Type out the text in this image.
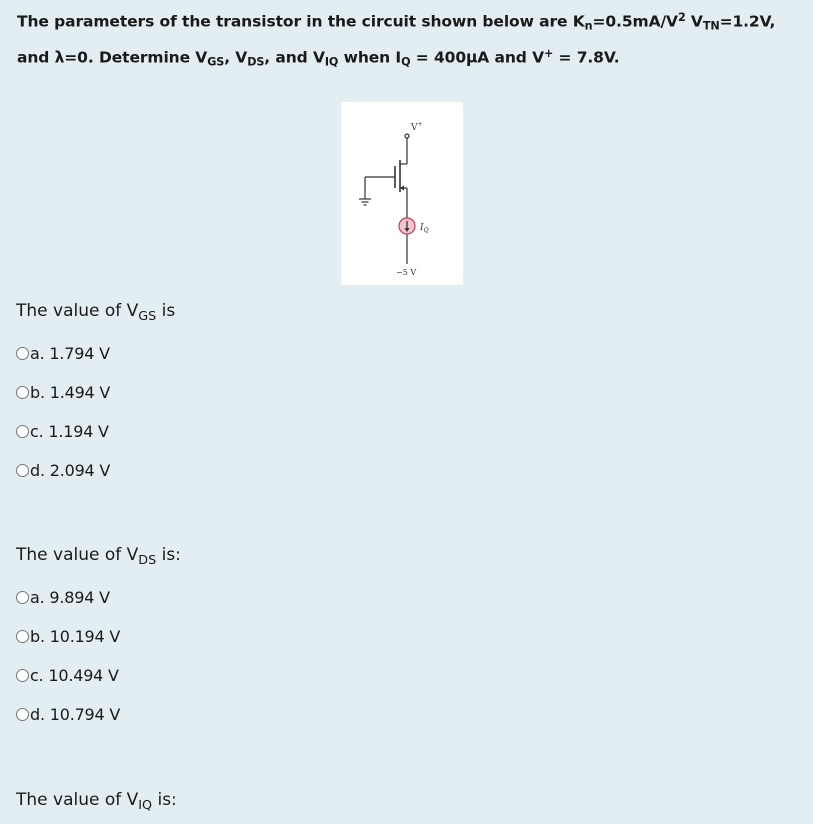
The parameters of the transistor in the circuit shown below are $K_n=0.5mA/V^2$ $V_{TN}=1.2V$, and λ=0. Determine $V_{GS}$, $V_{DS}$, and $V_{IQ}$ when $I_Q = 400\mu A$ and V+ = 7.8V.
V+
$I_Q$
−5 V
The value of $V_{GS}$ is
a. 1.794 V
b. 1.494 V
c. 1.194 V
d. 2.094 V
The value of $V_{DS}$ is:
a. 9.894 V
b. 10.194 V
c. 10.494 V
d. 10.794 V
The value of $V_{IQ}$ is:
